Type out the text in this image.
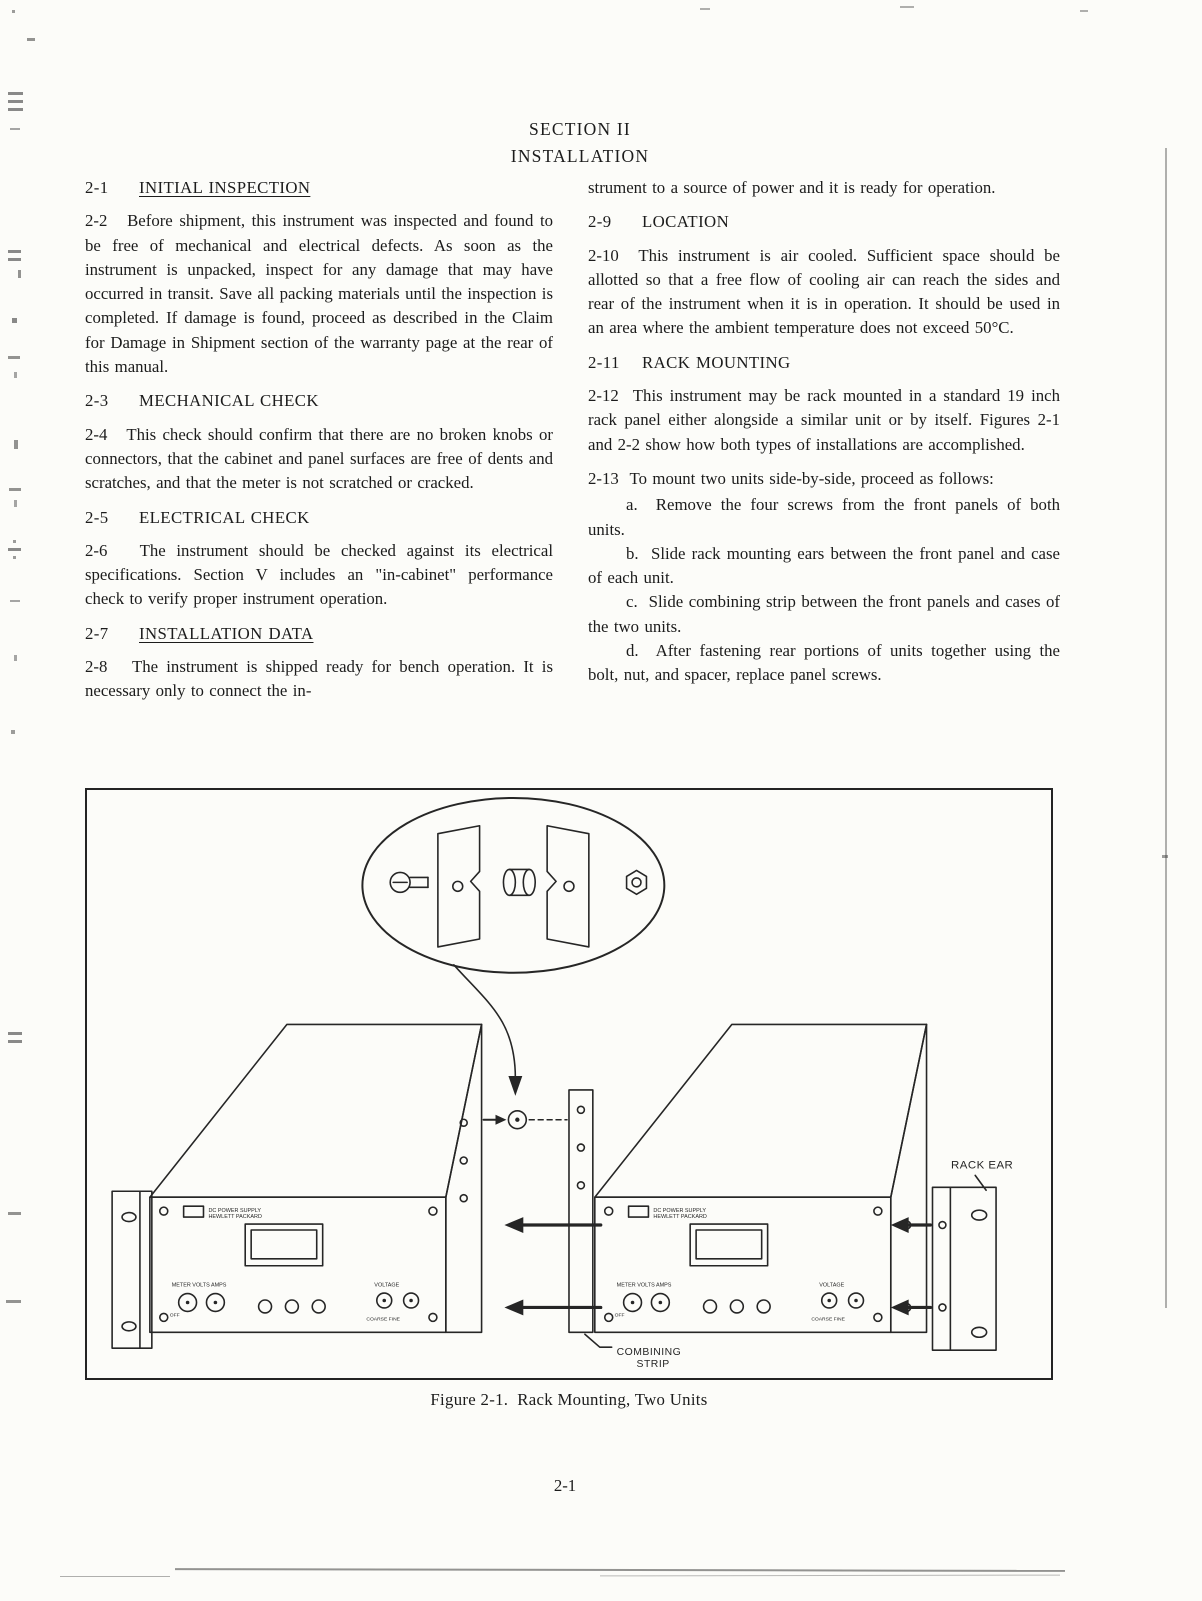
SECTION II
INSTALLATION
2-1 INITIAL INSPECTION

2-2   Before shipment, this instrument was inspected and found to be free of mechanical and electrical defects. As soon as the instrument is unpacked, inspect for any damage that may have occurred in transit. Save all packing materials until the inspection is completed. If damage is found, proceed as described in the Claim for Damage in Shipment section of the warranty page at the rear of this manual.

2-3 MECHANICAL CHECK

2-4   This check should confirm that there are no broken knobs or connectors, that the cabinet and panel surfaces are free of dents and scratches, and that the meter is not scratched or cracked.

2-5 ELECTRICAL CHECK

2-6   The instrument should be checked against its electrical specifications. Section V includes an "in-cabinet" performance check to verify proper instrument operation.

2-7 INSTALLATION DATA

2-8   The instrument is shipped ready for bench operation. It is necessary only to connect the in-

strument to a source of power and it is ready for operation.

2-9 LOCATION

2-10  This instrument is air cooled. Sufficient space should be allotted so that a free flow of cooling air can reach the sides and rear of the instrument when it is in operation. It should be used in an area where the ambient temperature does not exceed 50°C.

2-11 RACK MOUNTING

2-12  This instrument may be rack mounted in a standard 19 inch rack panel either alongside a similar unit or by itself. Figures 2-1 and 2-2 show how both types of installations are accomplished.

2-13  To mount two units side-by-side, proceed as follows:

a.  Remove the four screws from the front panels of both units.

b.  Slide rack mounting ears between the front panel and case of each unit.

c.  Slide combining strip between the front panels and cases of the two units.

d.  After fastening rear portions of units together using the bolt, nut, and spacer, replace panel screws.

RACK EAR
COMBINING
STRIP
DC POWER SUPPLY
HEWLETT PACKARD
METER VOLTS AMPS
OFF
VOLTAGE
COARSE FINE
DC POWER SUPPLY
HEWLETT PACKARD
METER VOLTS AMPS
OFF
VOLTAGE
COARSE FINE
Figure 2-1.  Rack Mounting, Two Units
2-1
